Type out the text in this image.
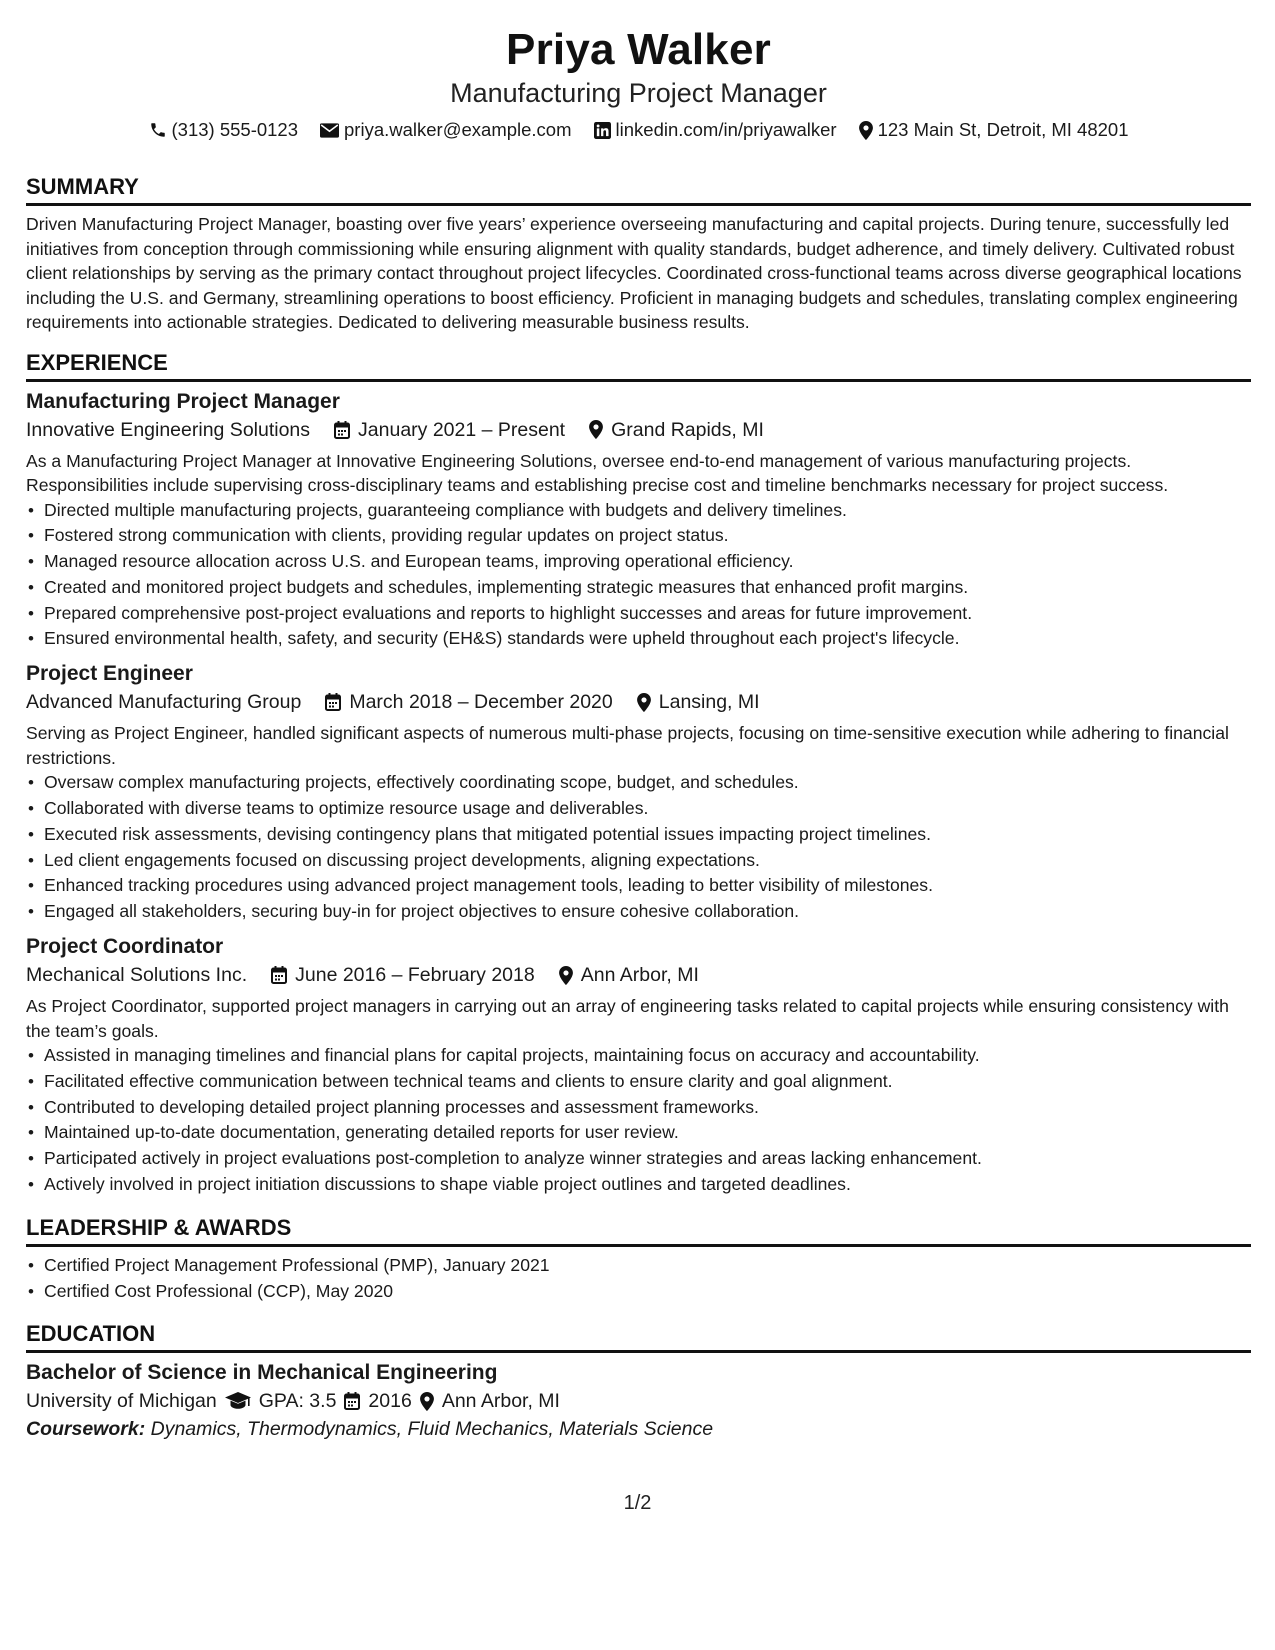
Priya Walker
Manufacturing Project Manager
(313) 555-0123 priya.walker@example.com linkedin.com/in/priyawalker 123 Main St, Detroit, MI 48201
SUMMARY

Driven Manufacturing Project Manager, boasting over five years’ experience overseeing manufacturing and capital projects. During tenure, successfully led initiatives from conception through commissioning while ensuring alignment with quality standards, budget adherence, and timely delivery. Cultivated robust client relationships by serving as the primary contact throughout project lifecycles. Coordinated cross-functional teams across diverse geographical locations including the U.S. and Germany, streamlining operations to boost efficiency. Proficient in managing budgets and schedules, translating complex engineering requirements into actionable strategies. Dedicated to delivering measurable business results.

EXPERIENCE
Manufacturing Project Manager
Innovative Engineering Solutions January 2021 – Present Grand Rapids, MI

As a Manufacturing Project Manager at Innovative Engineering Solutions, oversee end-to-end management of various manufacturing projects. Responsibilities include supervising cross-disciplinary teams and establishing precise cost and timeline benchmarks necessary for project success.

• Directed multiple manufacturing projects, guaranteeing compliance with budgets and delivery timelines.
• Fostered strong communication with clients, providing regular updates on project status.
• Managed resource allocation across U.S. and European teams, improving operational efficiency.
• Created and monitored project budgets and schedules, implementing strategic measures that enhanced profit margins.
• Prepared comprehensive post-project evaluations and reports to highlight successes and areas for future improvement.
• Ensured environmental health, safety, and security (EH&S) standards were upheld throughout each project's lifecycle.
Project Engineer
Advanced Manufacturing Group March 2018 – December 2020 Lansing, MI

Serving as Project Engineer, handled significant aspects of numerous multi-phase projects, focusing on time-sensitive execution while adhering to financial restrictions.

• Oversaw complex manufacturing projects, effectively coordinating scope, budget, and schedules.
• Collaborated with diverse teams to optimize resource usage and deliverables.
• Executed risk assessments, devising contingency plans that mitigated potential issues impacting project timelines.
• Led client engagements focused on discussing project developments, aligning expectations.
• Enhanced tracking procedures using advanced project management tools, leading to better visibility of milestones.
• Engaged all stakeholders, securing buy-in for project objectives to ensure cohesive collaboration.
Project Coordinator
Mechanical Solutions Inc. June 2016 – February 2018 Ann Arbor, MI

As Project Coordinator, supported project managers in carrying out an array of engineering tasks related to capital projects while ensuring consistency with the team’s goals.

• Assisted in managing timelines and financial plans for capital projects, maintaining focus on accuracy and accountability.
• Facilitated effective communication between technical teams and clients to ensure clarity and goal alignment.
• Contributed to developing detailed project planning processes and assessment frameworks.
• Maintained up-to-date documentation, generating detailed reports for user review.
• Participated actively in project evaluations post-completion to analyze winner strategies and areas lacking enhancement.
• Actively involved in project initiation discussions to shape viable project outlines and targeted deadlines.
LEADERSHIP & AWARDS
• Certified Project Management Professional (PMP), January 2021
• Certified Cost Professional (CCP), May 2020
EDUCATION
Bachelor of Science in Mechanical Engineering
University of Michigan GPA: 3.5 2016 Ann Arbor, MI
Coursework: Dynamics, Thermodynamics, Fluid Mechanics, Materials Science
1/2
